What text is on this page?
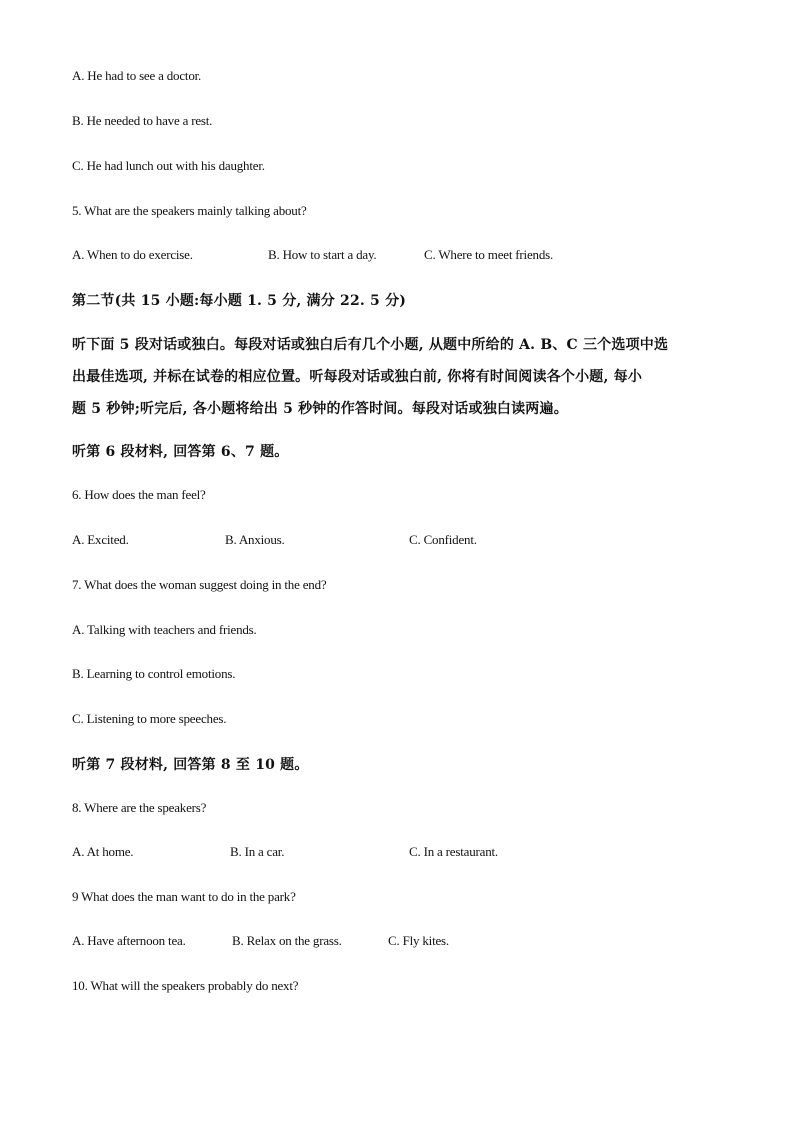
A. He had to see a doctor.
B. He needed to have a rest.
C. He had lunch out with his daughter.
5. What are the speakers mainly talking about?
A. When to do exercise.	B. How to start a day.	C. Where to meet friends.
第二节(共 15 小题:每小题 1. 5 分, 满分 22. 5 分)
听下面 5 段对话或独白。每段对话或独白后有几个小题, 从题中所给的 A. B、C 三个选项中选
出最佳选项, 并标在试卷的相应位置。听每段对话或独白前, 你将有时间阅读各个小题, 每小
题 5 秒钟;听完后, 各小题将给出 5 秒钟的作答时间。每段对话或独白读两遍。
听第 6 段材料, 回答第 6、7 题。
6. How does the man feel?
A. Excited.	B. Anxious.	C. Confident.
7. What does the woman suggest doing in the end?
A. Talking with teachers and friends.
B. Learning to control emotions.
C. Listening to more speeches.
听第 7 段材料, 回答第 8 至 10 题。
8. Where are the speakers?
A. At home.	B. In a car.	C. In a restaurant.
9 What does the man want to do in the park?
A. Have afternoon tea.	B. Relax on the grass.	C. Fly kites.
10. What will the speakers probably do next?
